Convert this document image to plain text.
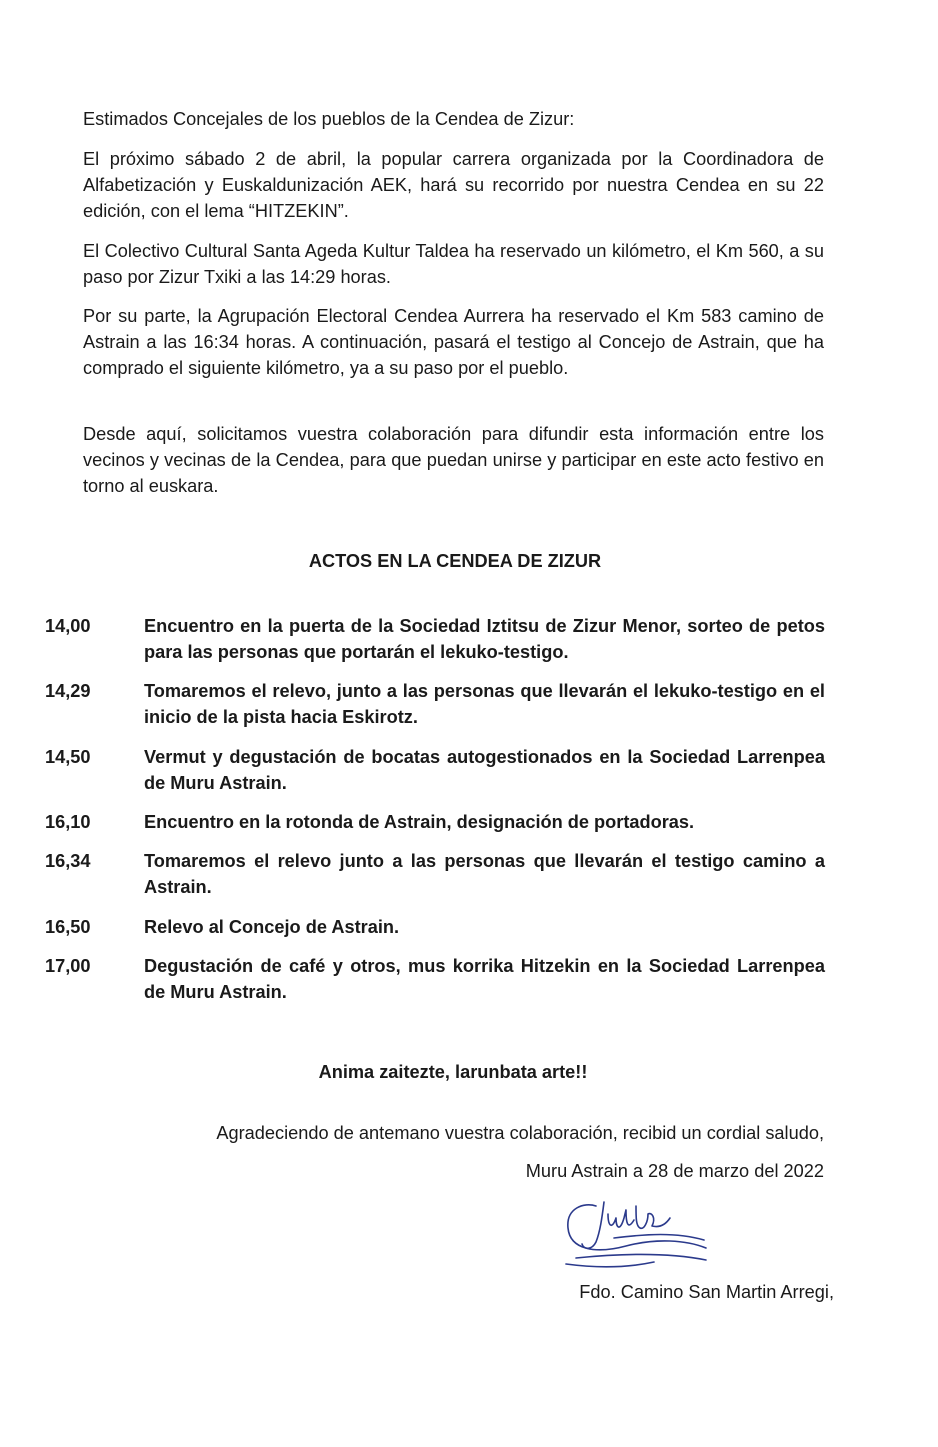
Estimados Concejales de los pueblos de la Cendea de Zizur:

El próximo sábado 2 de abril, la popular carrera organizada por la Coordinadora de Alfabetización y Euskaldunización AEK, hará su recorrido por nuestra Cendea en su 22 edición, con el lema “HITZEKIN”.

El Colectivo Cultural Santa Ageda Kultur Taldea ha reservado un kilómetro, el Km 560, a su paso por Zizur Txiki a las 14:29 horas.

Por su parte, la Agrupación Electoral Cendea Aurrera ha reservado el Km 583 camino de Astrain a las 16:34 horas. A continuación, pasará el testigo al Concejo de Astrain, que ha comprado el siguiente kilómetro, ya a su paso por el pueblo.

Desde aquí, solicitamos vuestra colaboración para difundir esta información entre los vecinos y vecinas de la Cendea, para que puedan unirse y participar en este acto festivo en torno al euskara.

ACTOS EN LA CENDEA DE ZIZUR
14,00	Encuentro en la puerta de la Sociedad Iztitsu de Zizur Menor, sorteo de petos para las personas que portarán el lekuko-testigo.
14,29	Tomaremos el relevo, junto a las personas que llevarán el lekuko-testigo en el inicio de la pista hacia Eskirotz.
14,50	Vermut y degustación de bocatas autogestionados en la Sociedad Larrenpea de Muru Astrain.
16,10	Encuentro en la rotonda de Astrain, designación de portadoras.
16,34	Tomaremos el relevo junto a las personas que llevarán el testigo camino a Astrain.
16,50	Relevo al Concejo de Astrain.
17,00	Degustación de café y otros, mus korrika Hitzekin en la Sociedad Larrenpea de Muru Astrain.

Anima zaitezte, larunbata arte!!

Agradeciendo de antemano vuestra colaboración, recibid un cordial saludo,

Muru Astrain a 28 de marzo del 2022

Fdo. Camino San Martin Arregi,
